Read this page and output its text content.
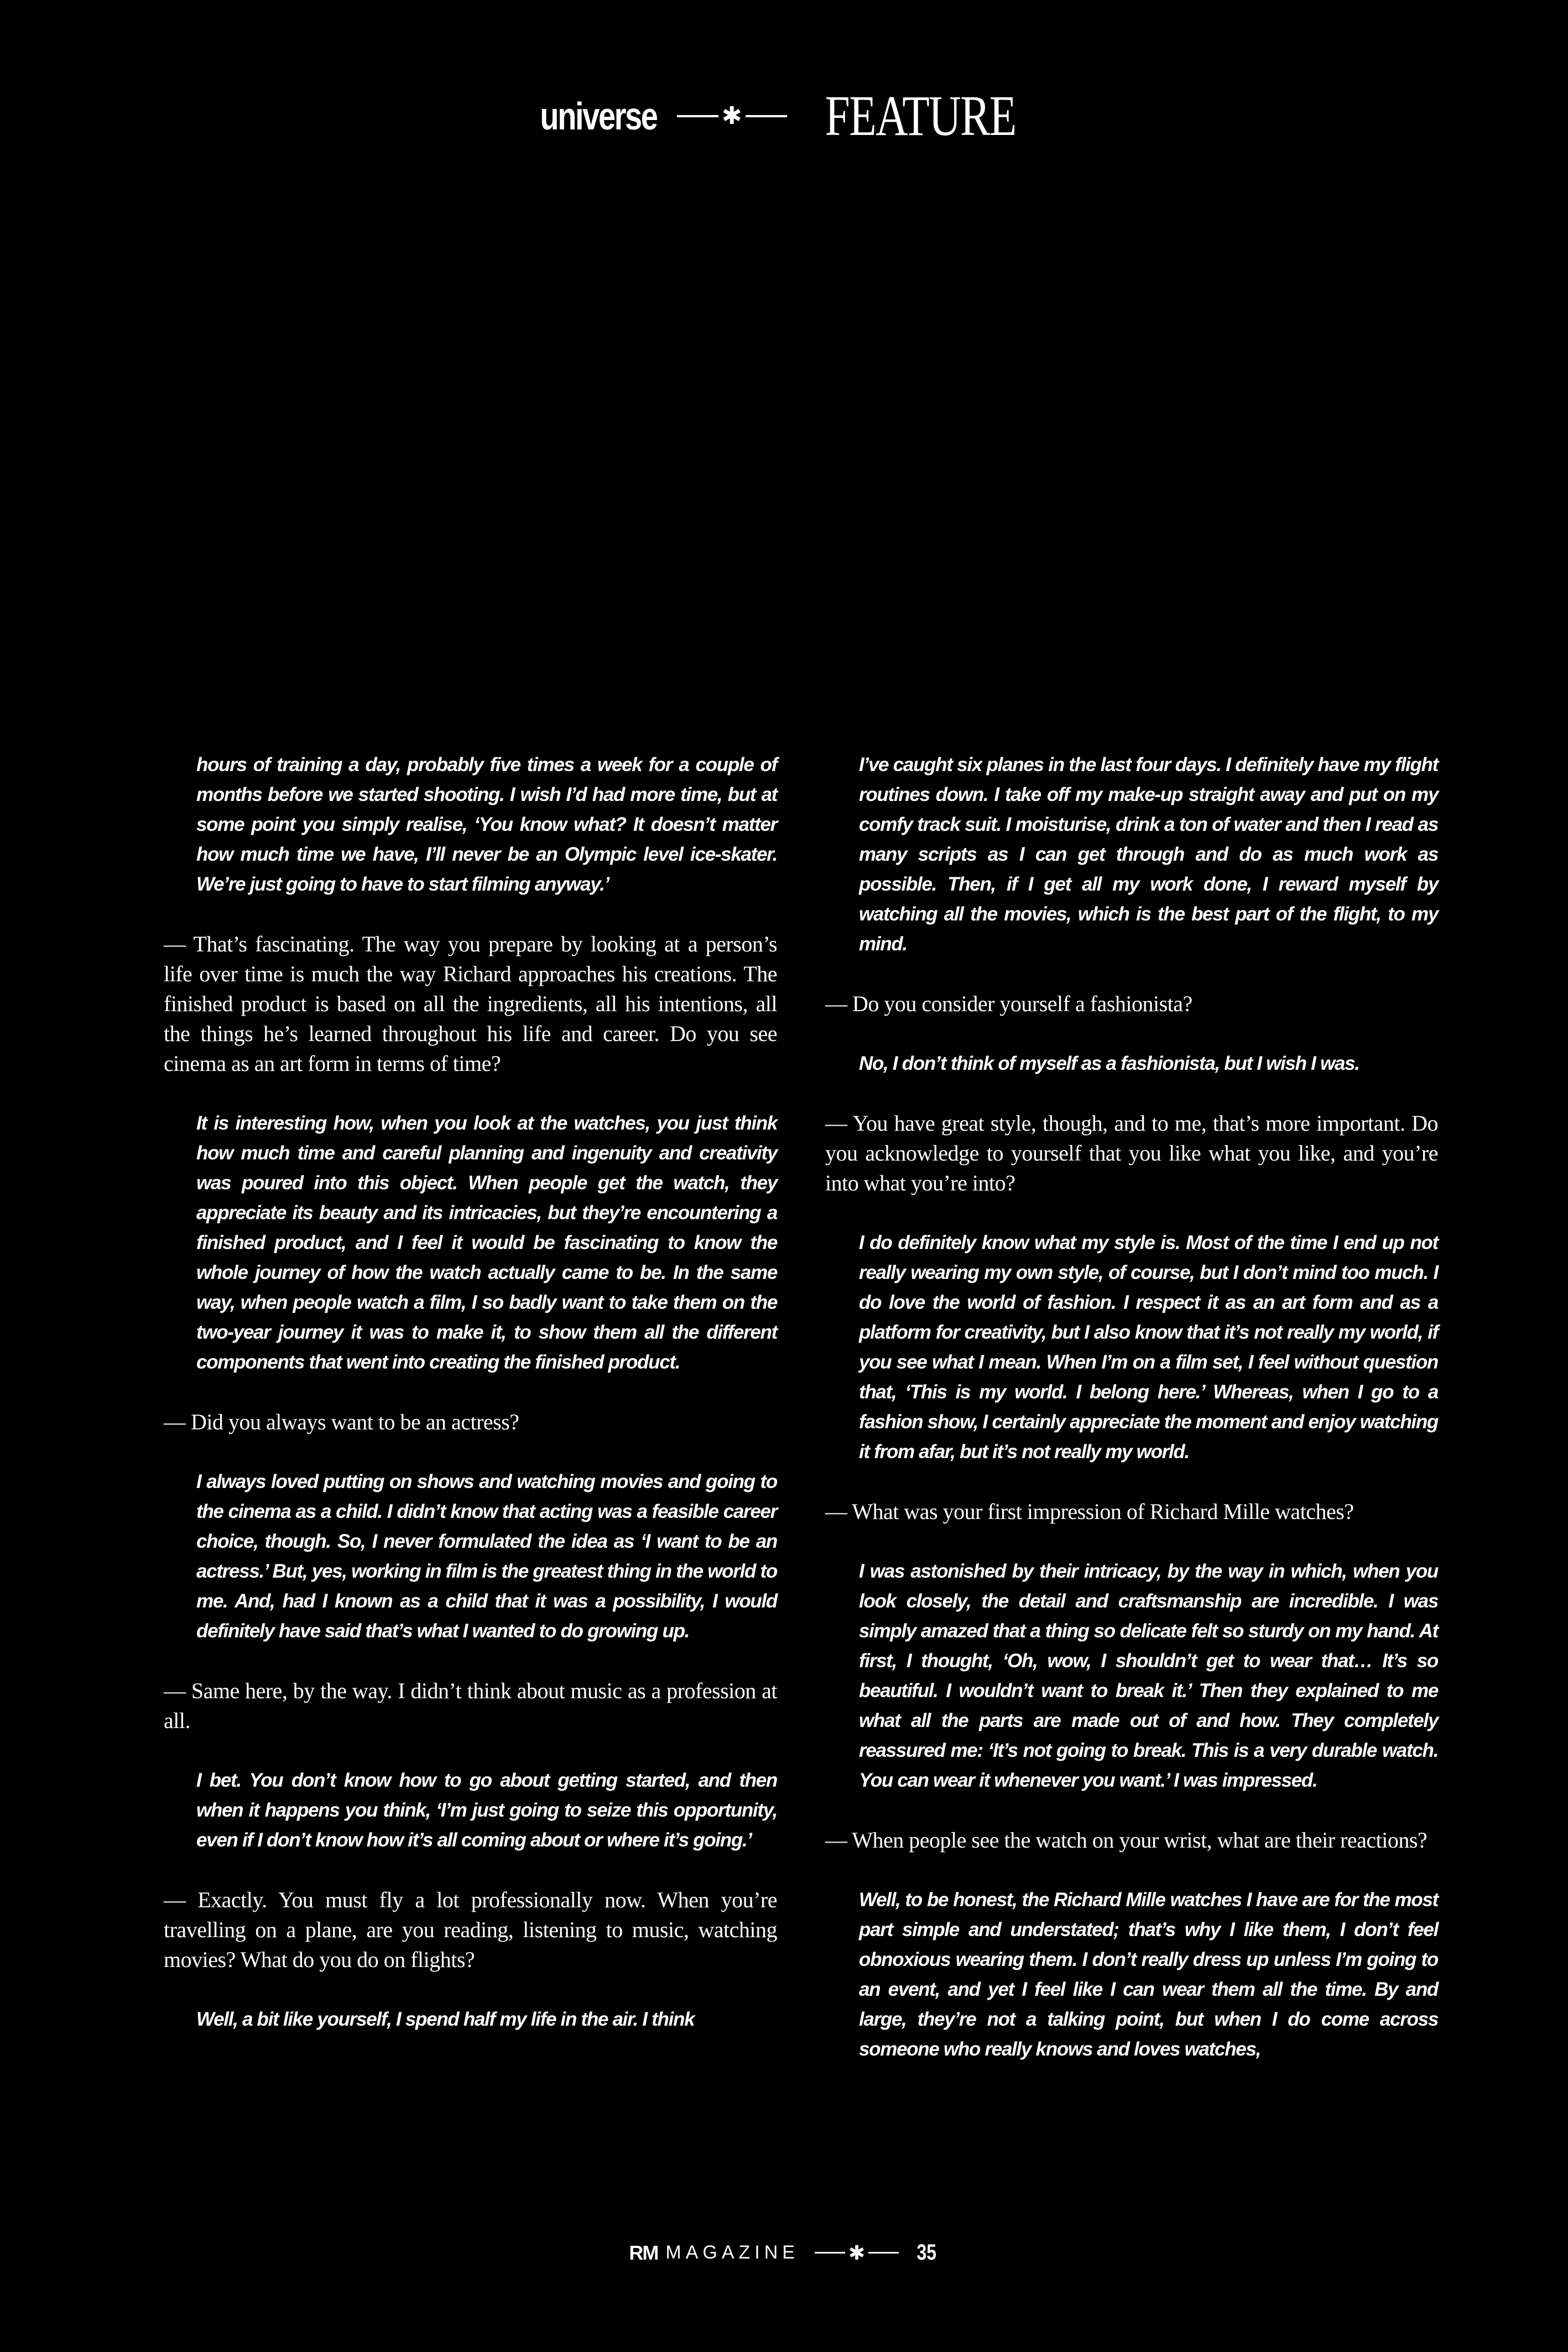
universe	✱ FEATURE

hours of training a day, probably five times a week for a couple of months before we started shooting. I wish I’d had more time, but at some point you simply realise, ‘You know what? It doesn’t matter how much time we have, I’ll never be an Olympic level ice-skater. We’re just going to have to start filming anyway.’

— That’s fascinating. The way you prepare by looking at a person’s life over time is much the way Richard approaches his creations. The finished product is based on all the ingredients, all his intentions, all the things he’s learned throughout his life and career. Do you see cinema as an art form in terms of time?

It is interesting how, when you look at the watches, you just think how much time and careful planning and ingenuity and creativity was poured into this object. When people get the watch, they appreciate its beauty and its intricacies, but they’re encountering a finished product, and I feel it would be fascinating to know the whole journey of how the watch actually came to be. In the same way, when people watch a film, I so badly want to take them on the two-year journey it was to make it, to show them all the different components that went into creating the finished product.

— Did you always want to be an actress?

I always loved putting on shows and watching movies and going to the cinema as a child. I didn’t know that acting was a feasible career choice, though. So, I never formulated the idea as ‘I want to be an actress.’ But, yes, working in film is the greatest thing in the world to me. And, had I known as a child that it was a possibility, I would definitely have said that’s what I wanted to do growing up.

— Same here, by the way. I didn’t think about music as a profession at all.

I bet. You don’t know how to go about getting started, and then when it happens you think, ‘I’m just going to seize this opportunity, even if I don’t know how it’s all coming about or where it’s going.’

— Exactly. You must fly a lot professionally now. When you’re travelling on a plane, are you reading, listening to music, watching movies? What do you do on flights?

Well, a bit like yourself, I spend half my life in the air. I think

I’ve caught six planes in the last four days. I definitely have my flight routines down. I take off my make-up straight away and put on my comfy track suit. I moisturise, drink a ton of water and then I read as many scripts as I can get through and do as much work as possible. Then, if I get all my work done, I reward myself by watching all the movies, which is the best part of the flight, to my mind.

— Do you consider yourself a fashionista?

No, I don’t think of myself as a fashionista, but I wish I was.

— You have great style, though, and to me, that’s more important. Do you acknowledge to yourself that you like what you like, and you’re into what you’re into?

I do definitely know what my style is. Most of the time I end up not really wearing my own style, of course, but I don’t mind too much. I do love the world of fashion. I respect it as an art form and as a platform for creativity, but I also know that it’s not really my world, if you see what I mean. When I’m on a film set, I feel without question that, ‘This is my world. I belong here.’ Whereas, when I go to a fashion show, I certainly appreciate the moment and enjoy watching it from afar, but it’s not really my world.

— What was your first impression of Richard Mille watches?

I was astonished by their intricacy, by the way in which, when you look closely, the detail and craftsmanship are incredible. I was simply amazed that a thing so delicate felt so sturdy on my hand. At first, I thought, ‘Oh, wow, I shouldn’t get to wear that… It’s so beautiful. I wouldn’t want to break it.’ Then they explained to me what all the parts are made out of and how. They completely reassured me: ‘It’s not going to break. This is a very durable watch. You can wear it whenever you want.’ I was impressed.

— When people see the watch on your wrist, what are their reactions?

Well, to be honest, the Richard Mille watches I have are for the most part simple and understated; that’s why I like them, I don’t feel obnoxious wearing them. I don’t really dress up unless I’m going to an event, and yet I feel like I can wear them all the time. By and large, they’re not a talking point, but when I do come across someone who really knows and loves watches,

RM MAGAZINE ✱ 35
